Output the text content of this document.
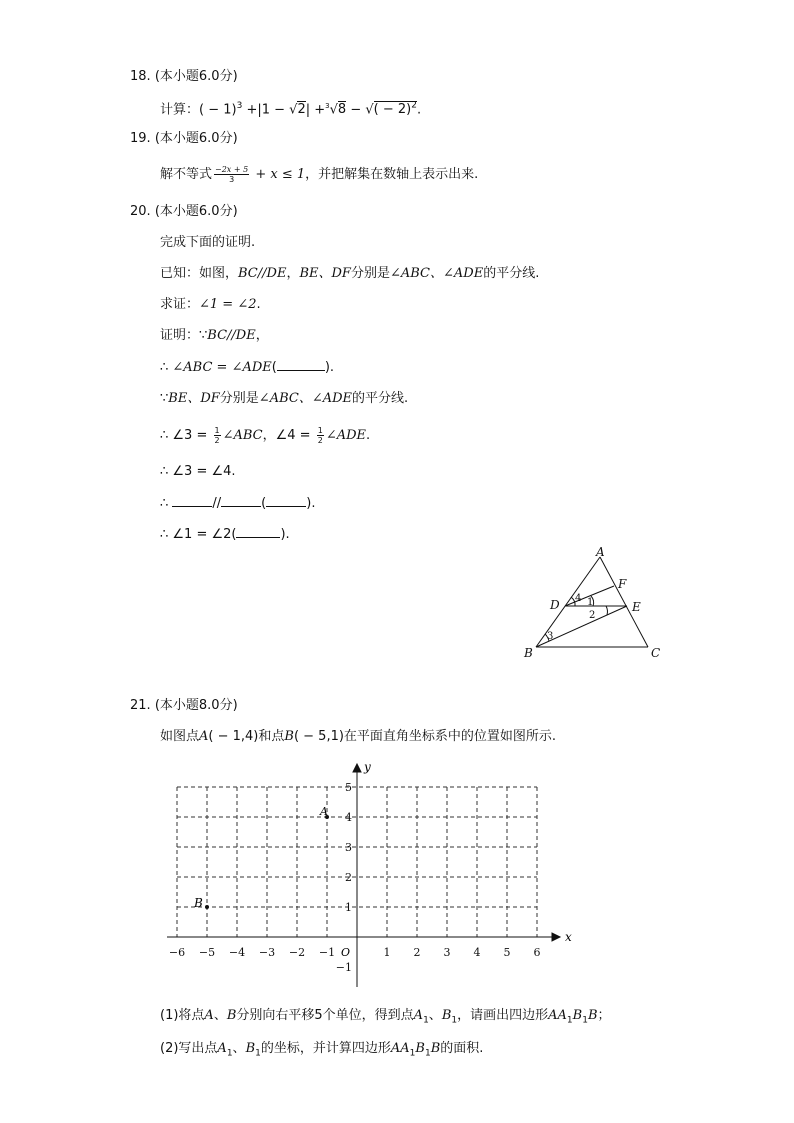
18. (本小题6.0分)
计算：( − 1)$^3$ +|1 − √2| +$^3$√8 − √( − 2)$^2$.
19. (本小题6.0分)
解不等式 $\frac{-2x + 5}{3} + x \le 1$，并把解集在数轴上表示出来.
20. (本小题6.0分)
完成下面的证明.
已知：如图，BC//DE，BE、DF分别是∠ABC、∠ADE的平分线.
求证：∠1 = ∠2.
证明：∵BC//DE，
∴ ∠ABC = ∠ADE(	).
∵BE、DF分别是∠ABC、∠ADE的平分线.
∴ ∠3 = $\frac{1}{2}$ ∠ABC，∠4 = $\frac{1}{2}$ ∠ADE.
∴ ∠3 = ∠4.
∴	//	(	).
∴ ∠1 = ∠2(	).
A
B	C
D	E
F
4 1
2
3
21. (本小题8.0分)
如图点A( − 1,4)和点B( − 5,1)在平面直角坐标系中的位置如图所示.
−6 −5 −4 −3 −2 −1	1 2 3 4 5 6
5
4
3
2
1
−1
x
y
O
A
B
(1)将点A、B分别向右平移5个单位，得到点$A_1$、$B_1$，请画出四边形$AA_1B_1B$；
(2)写出点$A_1$、$B_1$的坐标，并计算四边形$AA_1B_1B$的面积.
